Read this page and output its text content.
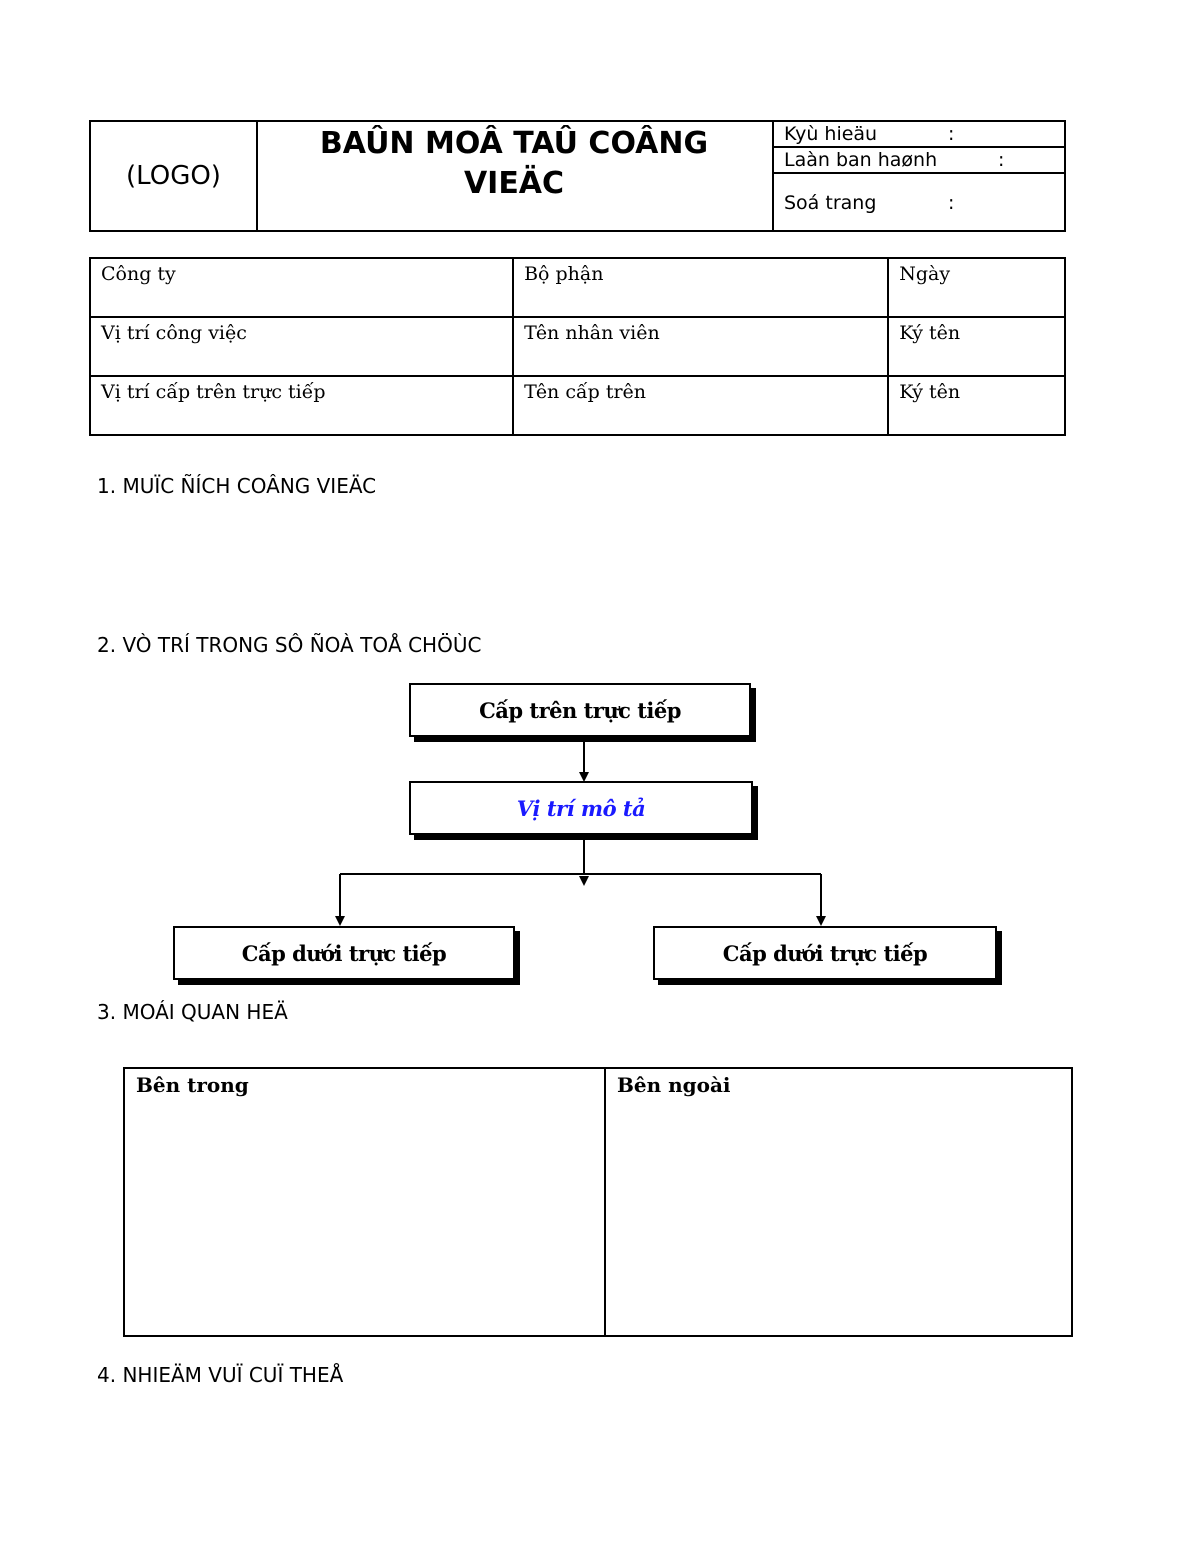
(LOGO)
BAÛN MOÂ TAÛ COÂNG
VIEÄC
Kyù hieäu	:
Laàn ban haønh	:
Soá trang	:
Công ty	Bộ phận	Ngày
Vị trí công việc	Tên nhân viên	Ký tên
Vị trí cấp trên trực tiếp	Tên cấp trên	Ký tên
1. MUÏC ÑÍCH COÂNG VIEÄC
2. VÒ TRÍ TRONG SÔ ÑOÀ TOÅ CHÖÙC
3. MOÁI QUAN HEÄ
4. NHIEÄM VUÏ CUÏ THEÅ
Cấp trên trực tiếp
Vị trí mô tả
Cấp dưới trực tiếp	Cấp dưới trực tiếp
Bên trong	Bên ngoài
